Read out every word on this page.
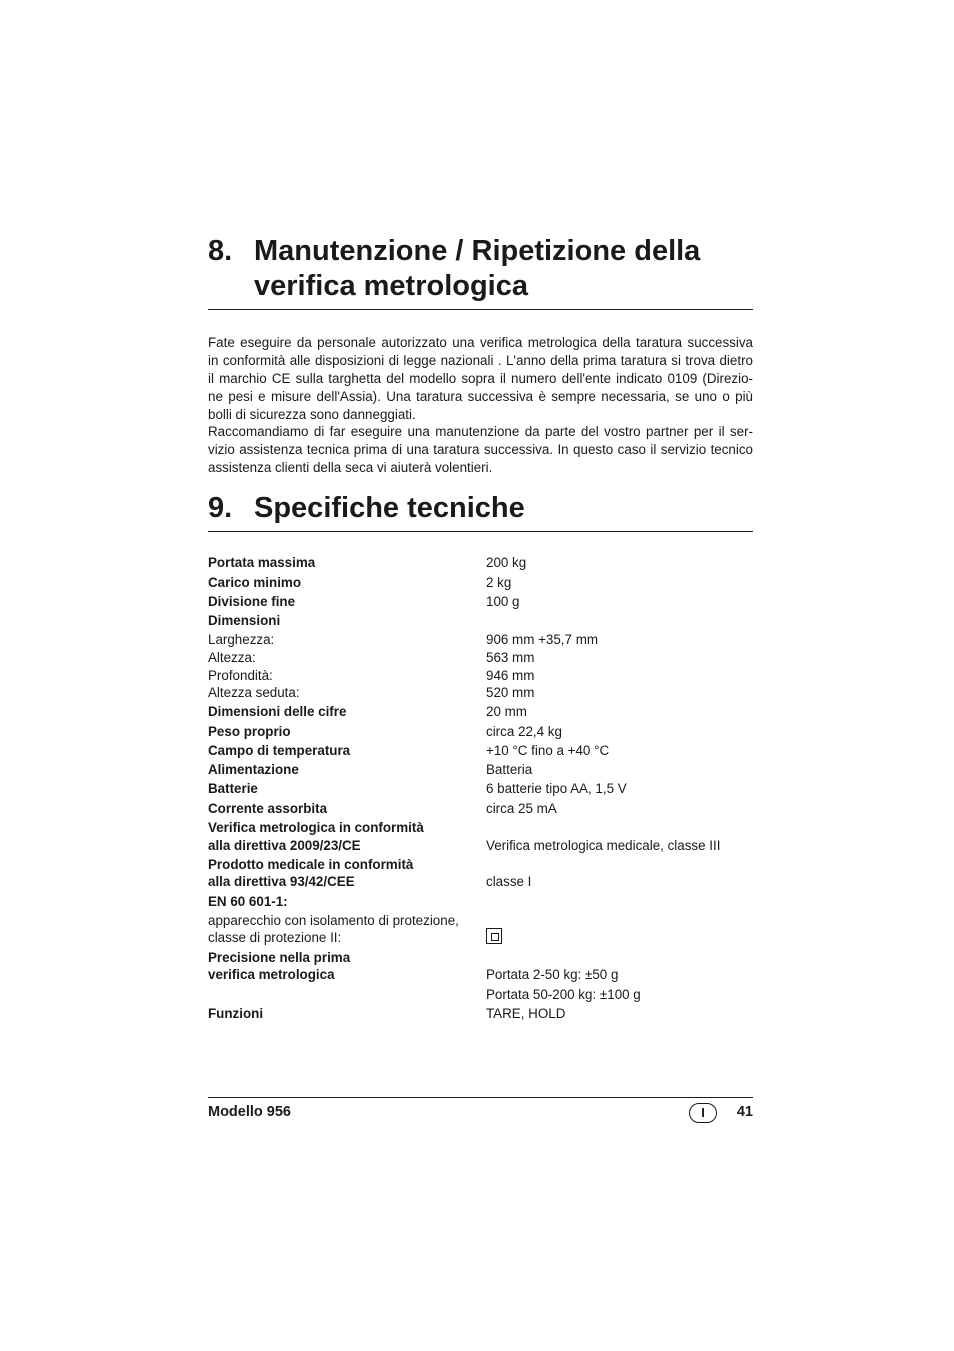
8. Manutenzione / Ripetizione della
verifica metrologica
Fate eseguire da personale autorizzato una verifica metrologica della taratura successiva
in conformità alle disposizioni di legge nazionali . L'anno della prima taratura si trova dietro
il marchio CE sulla targhetta del modello sopra il numero dell'ente indicato 0109 (Direzio-
ne pesi e misure dell'Assia). Una taratura successiva è sempre necessaria, se uno o più
bolli di sicurezza sono danneggiati.
Raccomandiamo di far eseguire una manutenzione da parte del vostro partner per il ser-
vizio assistenza tecnica prima di una taratura successiva. In questo caso il servizio tecnico
assistenza clienti della seca vi aiuterà volentieri.
9. Specifiche tecniche
Portata massima	200 kg
Carico minimo	2 kg
Divisione fine	100 g
Dimensioni
Larghezza:	906 mm +35,7 mm
Altezza:	563 mm
Profondità:	946 mm
Altezza seduta:	520 mm
Dimensioni delle cifre	20 mm
Peso proprio	circa 22,4 kg
Campo di temperatura	+10 °C fino a +40 °C
Alimentazione	Batteria
Batterie	6 batterie tipo AA, 1,5 V
Corrente assorbita	circa 25 mA
Verifica metrologica in conformità
alla direttiva 2009/23/CE	Verifica metrologica medicale, classe III
Prodotto medicale in conformità
alla direttiva 93/42/CEE	classe I
EN 60 601-1:
apparecchio con isolamento di protezione,
classe di protezione II:
Precisione nella prima
verifica metrologica	Portata 2-50 kg: ±50 g
Portata 50-200 kg: ±100 g
Funzioni	TARE, HOLD
Modello 956	I	41
